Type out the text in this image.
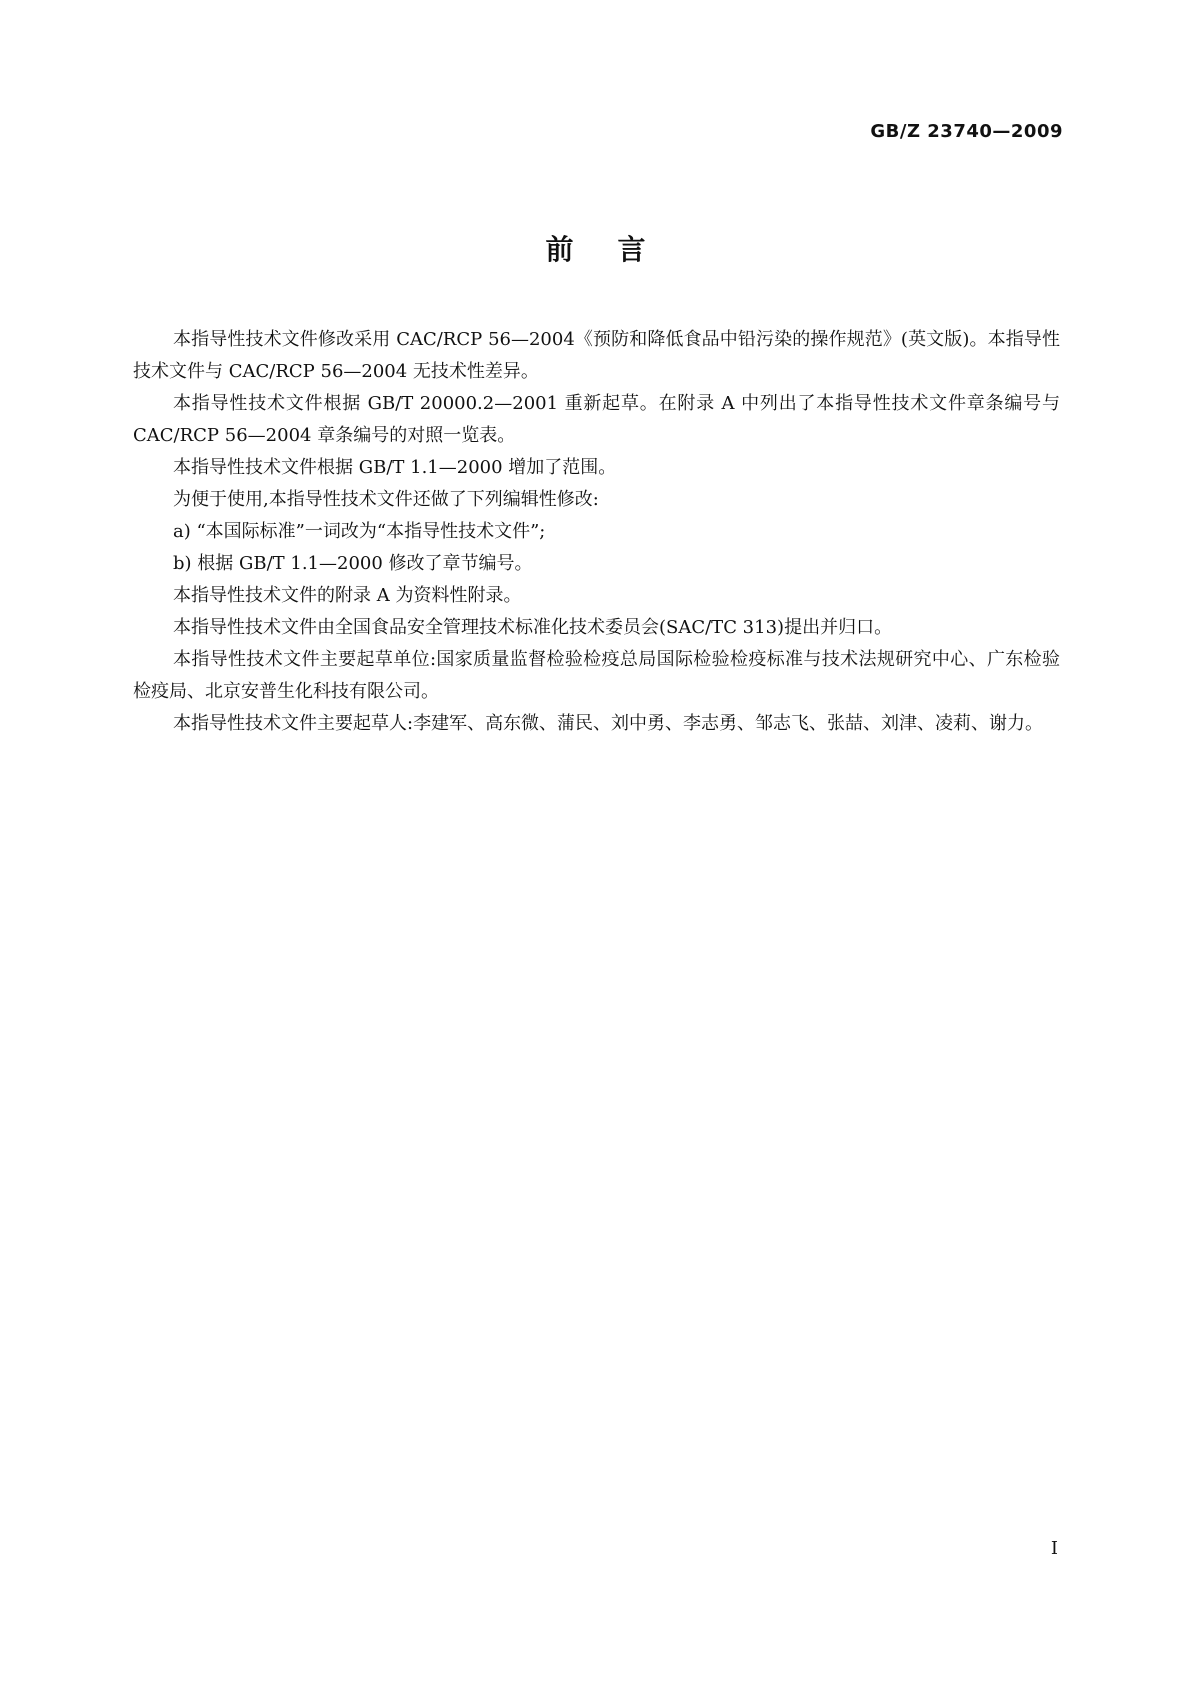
GB/Z 23740—2009
前言

本指导性技术文件修改采用 CAC/RCP 56—2004《预防和降低食品中铅污染的操作规范》(英文版)。本指导性技术文件与 CAC/RCP 56—2004 无技术性差异。

本指导性技术文件根据 GB/T 20000.2—2001 重新起草。在附录 A 中列出了本指导性技术文件章条编号与 CAC/RCP 56—2004 章条编号的对照一览表。

本指导性技术文件根据 GB/T 1.1—2000 增加了范围。

为便于使用,本指导性技术文件还做了下列编辑性修改:

a) “本国际标准”一词改为“本指导性技术文件”;

b) 根据 GB/T 1.1—2000 修改了章节编号。

本指导性技术文件的附录 A 为资料性附录。

本指导性技术文件由全国食品安全管理技术标准化技术委员会(SAC/TC 313)提出并归口。

本指导性技术文件主要起草单位:国家质量监督检验检疫总局国际检验检疫标准与技术法规研究中心、广东检验检疫局、北京安普生化科技有限公司。

本指导性技术文件主要起草人:李建军、高东微、蒲民、刘中勇、李志勇、邹志飞、张喆、刘津、凌莉、谢力。

I
